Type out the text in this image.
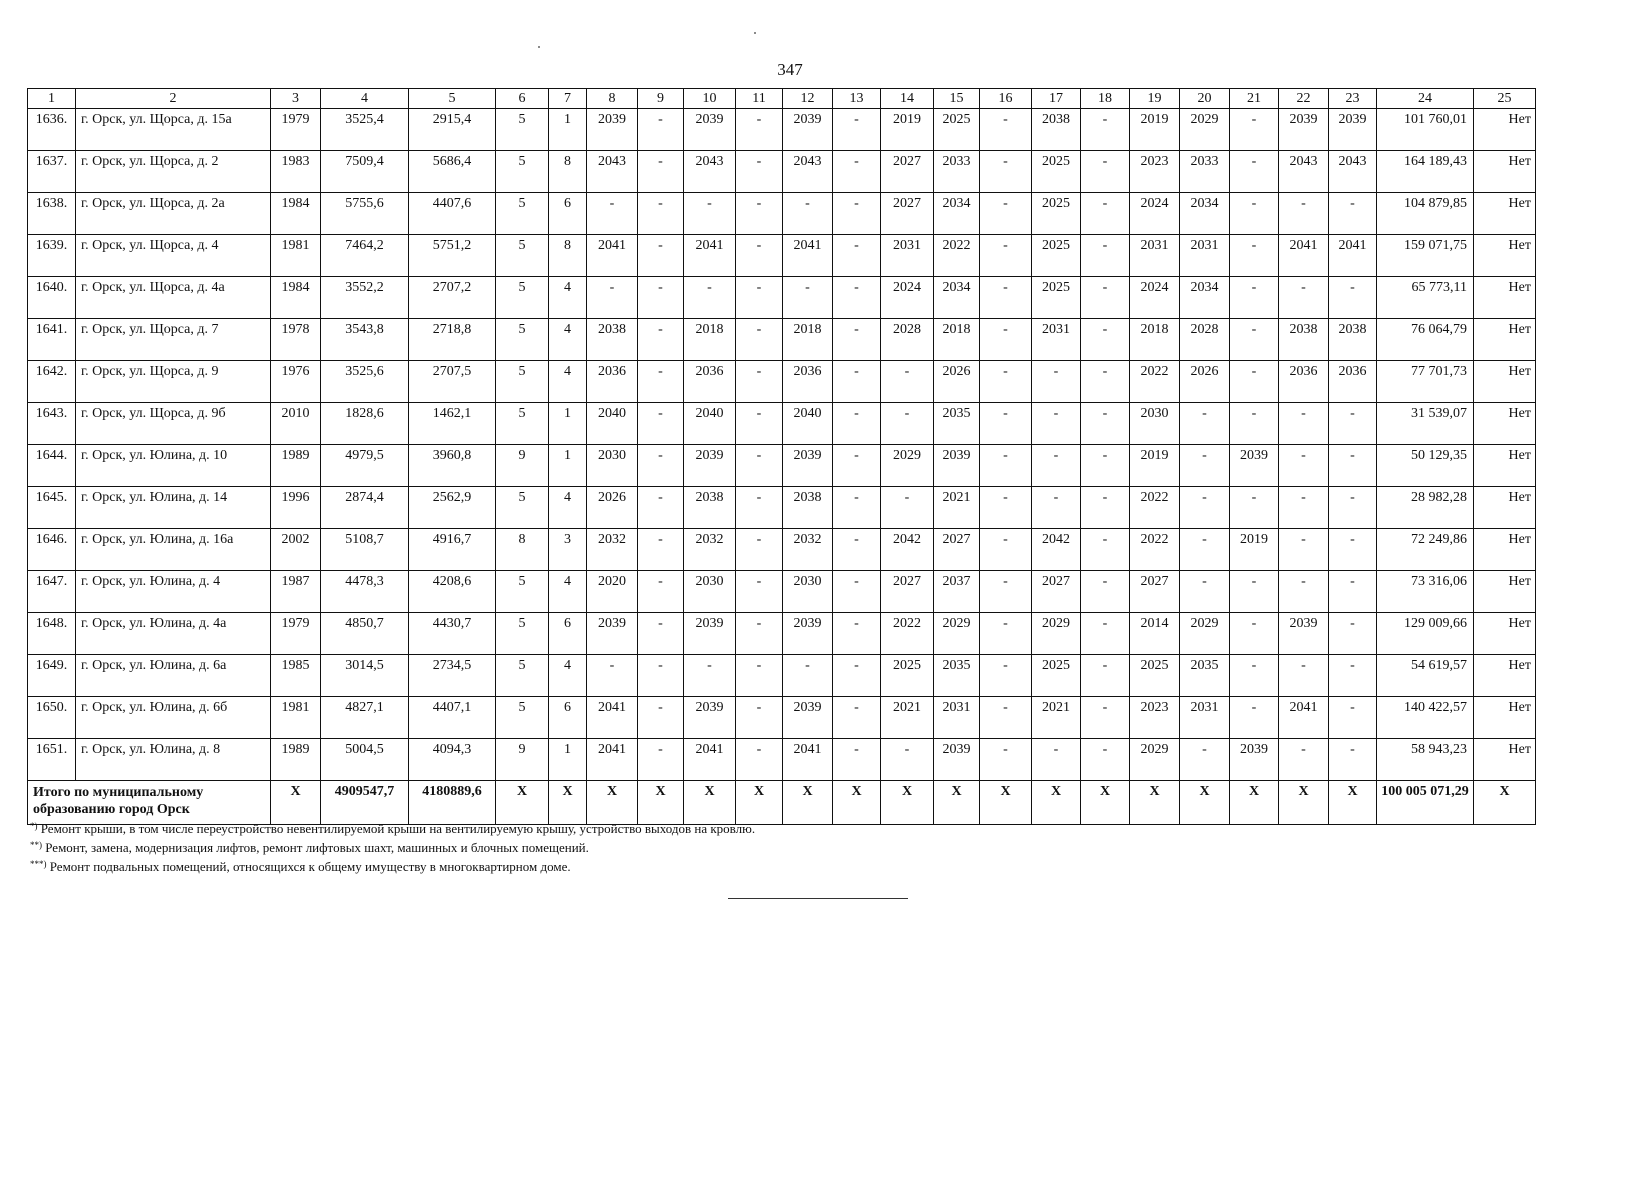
347
1	2	3	4	5	6	7	8	9	10	11	12	13	14	15	16	17	18	19	20	21	22	23	24	25
1636.	г. Орск, ул. Щорса, д. 15а	1979	3525,4	2915,4	5	1	2039	-	2039	-	2039	-	2019	2025	-	2038	-	2019	2029	-	2039	2039	101 760,01	Нет
1637.	г. Орск, ул. Щорса, д. 2	1983	7509,4	5686,4	5	8	2043	-	2043	-	2043	-	2027	2033	-	2025	-	2023	2033	-	2043	2043	164 189,43	Нет
1638.	г. Орск, ул. Щорса, д. 2а	1984	5755,6	4407,6	5	6	-	-	-	-	-	-	2027	2034	-	2025	-	2024	2034	-	-	-	104 879,85	Нет
1639.	г. Орск, ул. Щорса, д. 4	1981	7464,2	5751,2	5	8	2041	-	2041	-	2041	-	2031	2022	-	2025	-	2031	2031	-	2041	2041	159 071,75	Нет
1640.	г. Орск, ул. Щорса, д. 4а	1984	3552,2	2707,2	5	4	-	-	-	-	-	-	2024	2034	-	2025	-	2024	2034	-	-	-	65 773,11	Нет
1641.	г. Орск, ул. Щорса, д. 7	1978	3543,8	2718,8	5	4	2038	-	2018	-	2018	-	2028	2018	-	2031	-	2018	2028	-	2038	2038	76 064,79	Нет
1642.	г. Орск, ул. Щорса, д. 9	1976	3525,6	2707,5	5	4	2036	-	2036	-	2036	-	-	2026	-	-	-	2022	2026	-	2036	2036	77 701,73	Нет
1643.	г. Орск, ул. Щорса, д. 9б	2010	1828,6	1462,1	5	1	2040	-	2040	-	2040	-	-	2035	-	-	-	2030	-	-	-	-	31 539,07	Нет
1644.	г. Орск, ул. Юлина, д. 10	1989	4979,5	3960,8	9	1	2030	-	2039	-	2039	-	2029	2039	-	-	-	2019	-	2039	-	-	50 129,35	Нет
1645.	г. Орск, ул. Юлина, д. 14	1996	2874,4	2562,9	5	4	2026	-	2038	-	2038	-	-	2021	-	-	-	2022	-	-	-	-	28 982,28	Нет
1646.	г. Орск, ул. Юлина, д. 16а	2002	5108,7	4916,7	8	3	2032	-	2032	-	2032	-	2042	2027	-	2042	-	2022	-	2019	-	-	72 249,86	Нет
1647.	г. Орск, ул. Юлина, д. 4	1987	4478,3	4208,6	5	4	2020	-	2030	-	2030	-	2027	2037	-	2027	-	2027	-	-	-	-	73 316,06	Нет
1648.	г. Орск, ул. Юлина, д. 4а	1979	4850,7	4430,7	5	6	2039	-	2039	-	2039	-	2022	2029	-	2029	-	2014	2029	-	2039	-	129 009,66	Нет
1649.	г. Орск, ул. Юлина, д. 6а	1985	3014,5	2734,5	5	4	-	-	-	-	-	-	2025	2035	-	2025	-	2025	2035	-	-	-	54 619,57	Нет
1650.	г. Орск, ул. Юлина, д. 6б	1981	4827,1	4407,1	5	6	2041	-	2039	-	2039	-	2021	2031	-	2021	-	2023	2031	-	2041	-	140 422,57	Нет
1651.	г. Орск, ул. Юлина, д. 8	1989	5004,5	4094,3	9	1	2041	-	2041	-	2041	-	-	2039	-	-	-	2029	-	2039	-	-	58 943,23	Нет
Итого по муниципальному образованию город Орск		X	4909547,7	4180889,6	X	X	X	X	X	X	X	X	X	X	X	X	X	X	X	X	X	X	100 005 071,29	X
*) Ремонт крыши, в том числе переустройство невентилируемой крыши на вентилируемую крышу, устройство выходов на кровлю.
**) Ремонт, замена, модернизация лифтов, ремонт лифтовых шахт, машинных и блочных помещений.
***) Ремонт подвальных помещений, относящихся к общему имуществу в многоквартирном доме.
